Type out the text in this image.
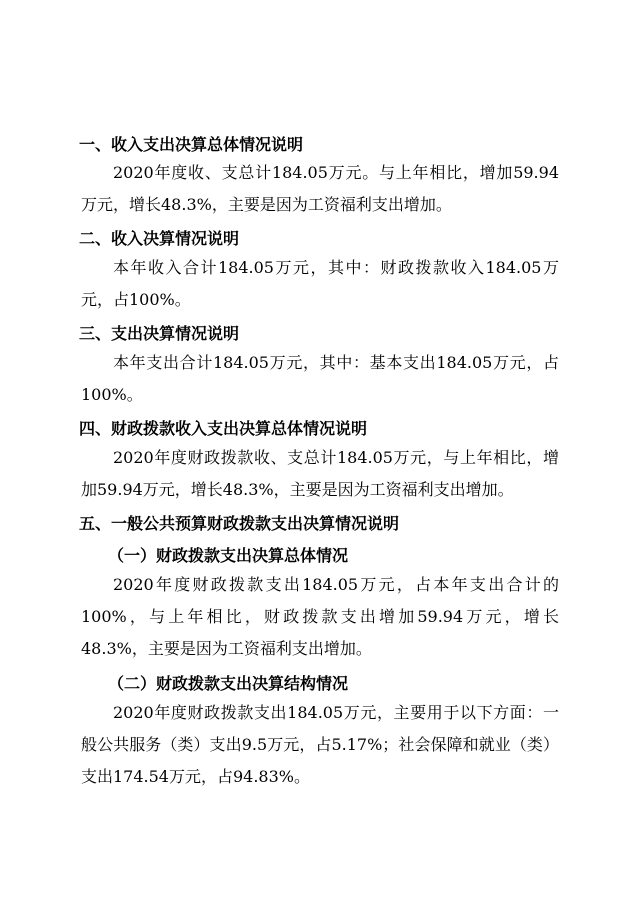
一、收入支出决算总体情况说明
2020年度收、支总计184.05万元。与上年相比，增加59.94万元，增长48.3%，主要是因为工资福利支出增加。
二、收入决算情况说明
本年收入合计184.05万元，其中：财政拨款收入184.05万元，占100%。
三、支出决算情况说明
本年支出合计184.05万元，其中：基本支出184.05万元，占100%。
四、财政拨款收入支出决算总体情况说明
2020年度财政拨款收、支总计184.05万元，与上年相比，增加59.94万元，增长48.3%，主要是因为工资福利支出增加。
五、一般公共预算财政拨款支出决算情况说明
（一）财政拨款支出决算总体情况
2020年度财政拨款支出184.05万元，占本年支出合计的100%，与上年相比，财政拨款支出增加59.94万元，增长48.3%，主要是因为工资福利支出增加。
（二）财政拨款支出决算结构情况
2020年度财政拨款支出184.05万元，主要用于以下方面：一般公共服务（类）支出9.5万元，占5.17%；社会保障和就业（类）支出174.54万元，占94.83%。
